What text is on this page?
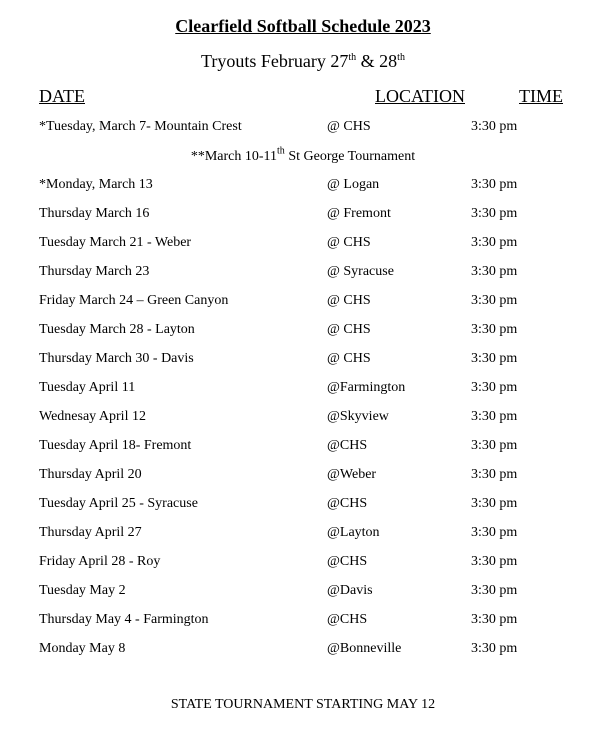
Clearfield Softball Schedule 2023
Tryouts February 27th & 28th
DATE	LOCATION	TIME
*Tuesday, March 7- Mountain Crest	@ CHS	3:30 pm
**March 10-11th St George Tournament
*Monday, March 13	@ Logan	3:30 pm
Thursday March 16	@ Fremont	3:30 pm
Tuesday March 21 - Weber	@ CHS	3:30 pm
Thursday March 23	@ Syracuse	3:30 pm
Friday March 24 – Green Canyon	@ CHS	3:30 pm
Tuesday March 28 - Layton	@ CHS	3:30 pm
Thursday March 30 - Davis	@ CHS	3:30 pm
Tuesday April 11	@Farmington	3:30 pm
Wednesay April 12	@Skyview	3:30 pm
Tuesday April 18- Fremont	@CHS	3:30 pm
Thursday April 20	@Weber	3:30 pm
Tuesday April 25 - Syracuse	@CHS	3:30 pm
Thursday April 27	@Layton	3:30 pm
Friday April 28 - Roy	@CHS	3:30 pm
Tuesday May 2	@Davis	3:30 pm
Thursday May 4 - Farmington	@CHS	3:30 pm
Monday May 8	@Bonneville	3:30 pm
STATE TOURNAMENT STARTING MAY 12
